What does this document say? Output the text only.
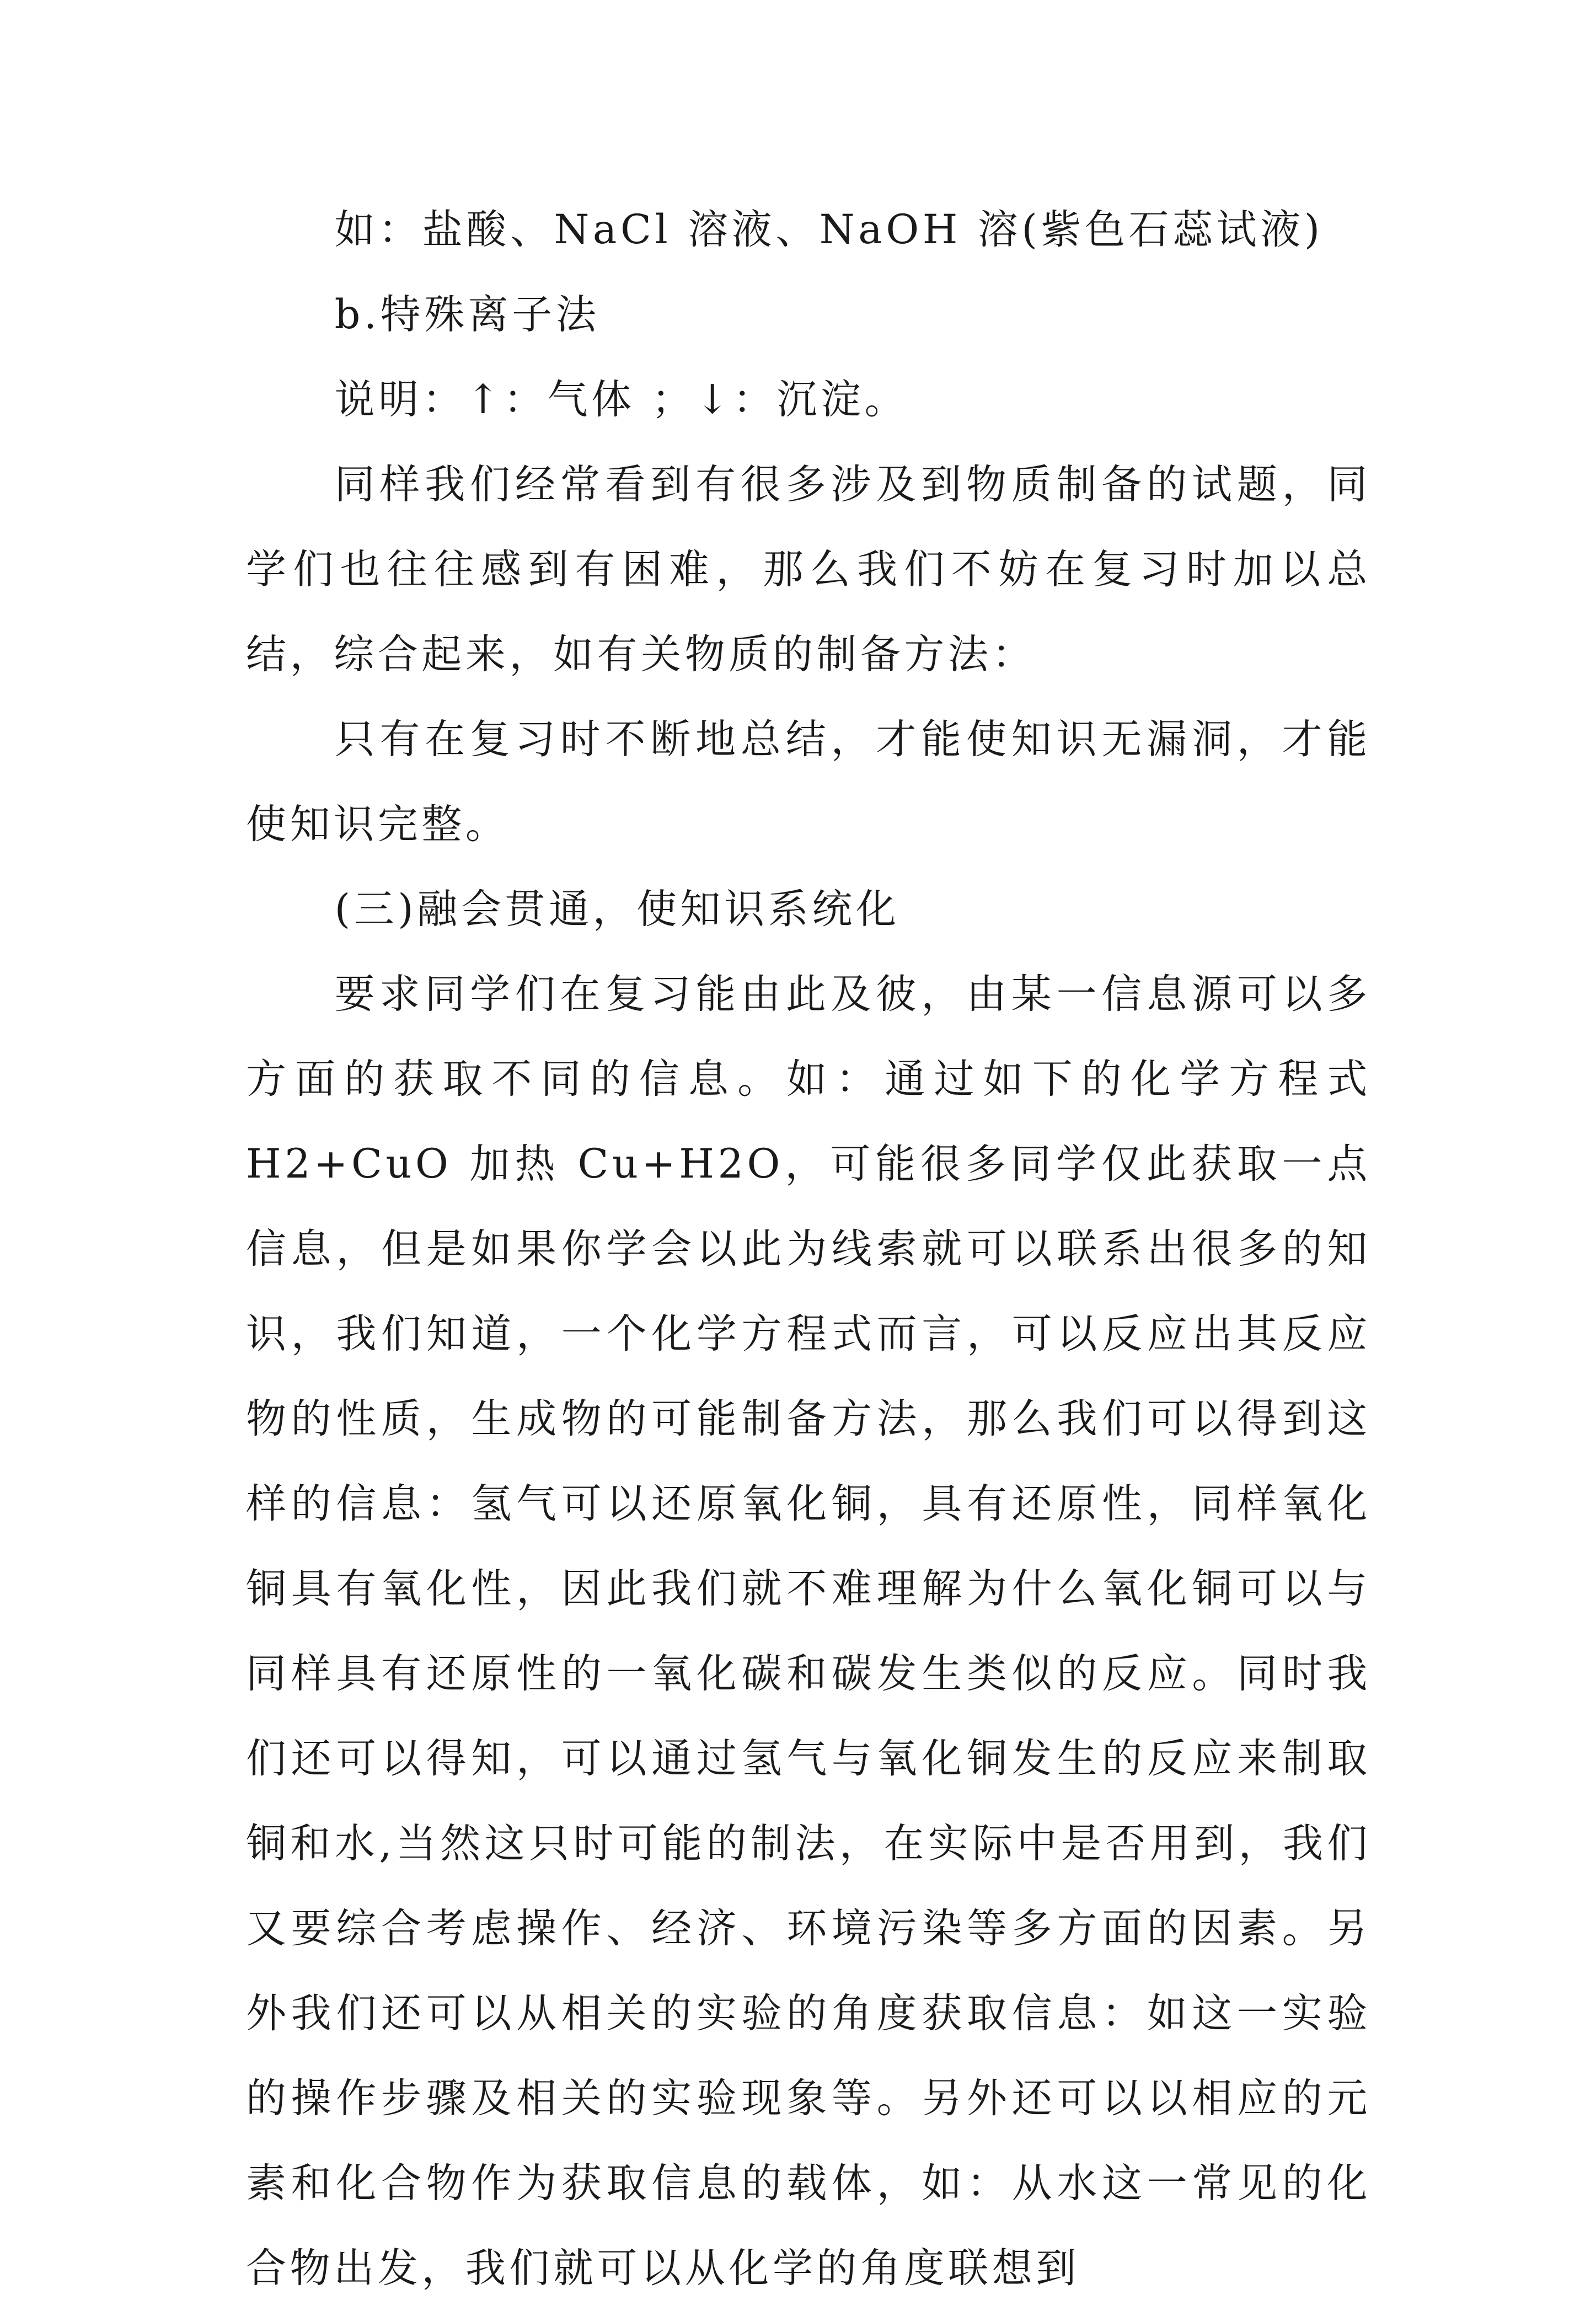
如：盐酸、NaCl 溶液、NaOH 溶(紫色石蕊试液)

b.特殊离子法

说明：↑：气体 ；↓：沉淀。

同样我们经常看到有很多涉及到物质制备的试题，同学们也往往感到有困难，那么我们不妨在复习时加以总结，综合起来，如有关物质的制备方法：

只有在复习时不断地总结，才能使知识无漏洞，才能使知识完整。

(三)融会贯通，使知识系统化

要求同学们在复习能由此及彼，由某一信息源可以多方面的获取不同的信息。如：通过如下的化学方程式 H2+CuO 加热 Cu+H2O，可能很多同学仅此获取一点信息，但是如果你学会以此为线索就可以联系出很多的知识，我们知道，一个化学方程式而言，可以反应出其反应物的性质，生成物的可能制备方法，那么我们可以得到这样的信息：氢气可以还原氧化铜，具有还原性，同样氧化铜具有氧化性，因此我们就不难理解为什么氧化铜可以与同样具有还原性的一氧化碳和碳发生类似的反应。同时我们还可以得知，可以通过氢气与氧化铜发生的反应来制取铜和水,当然这只时可能的制法，在实际中是否用到，我们又要综合考虑操作、经济、环境污染等多方面的因素。另外我们还可以从相关的实验的角度获取信息：如这一实验的操作步骤及相关的实验现象等。另外还可以以相应的元素和化合物作为获取信息的载体，如：从水这一常见的化合物出发，我们就可以从化学的角度联想到
